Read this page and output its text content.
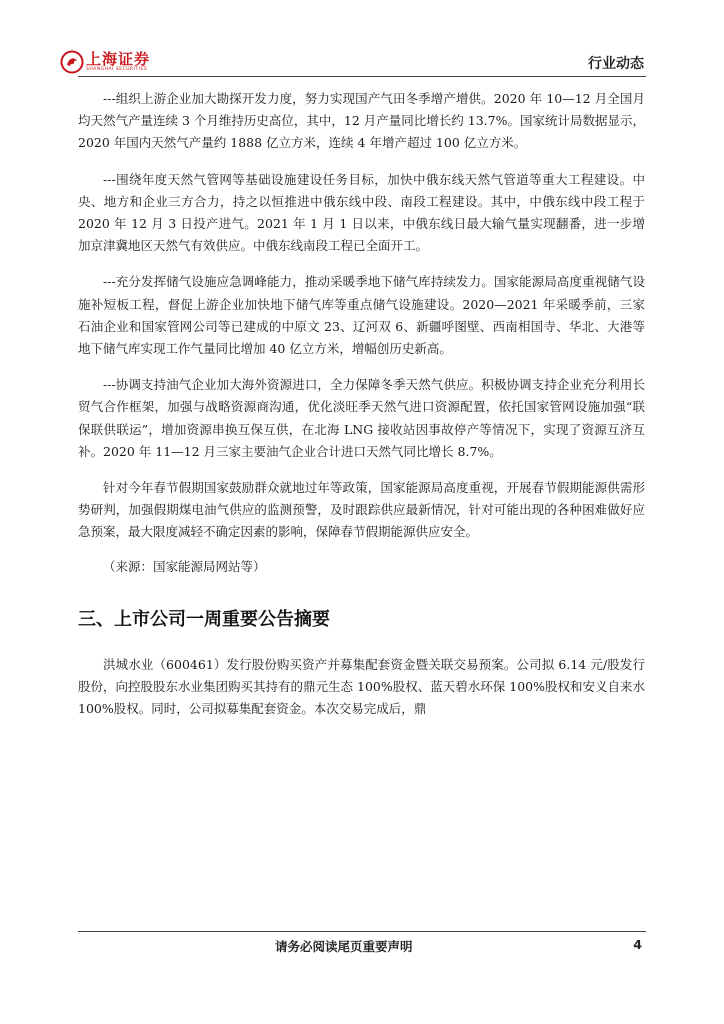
上海证券
SHANGHAI SECURITIES	行业动态

---组织上游企业加大勘探开发力度，努力实现国产气田冬季增产增供。2020 年 10—12 月全国月均天然气产量连续 3 个月维持历史高位，其中，12 月产量同比增长约 13.7%。国家统计局数据显示，2020 年国内天然气产量约 1888 亿立方米，连续 4 年增产超过 100 亿立方米。

---围绕年度天然气管网等基础设施建设任务目标，加快中俄东线天然气管道等重大工程建设。中央、地方和企业三方合力，持之以恒推进中俄东线中段、南段工程建设。其中，中俄东线中段工程于 2020 年 12 月 3 日投产进气。2021 年 1 月 1 日以来，中俄东线日最大输气量实现翻番，进一步增加京津冀地区天然气有效供应。中俄东线南段工程已全面开工。

---充分发挥储气设施应急调峰能力，推动采暖季地下储气库持续发力。国家能源局高度重视储气设施补短板工程，督促上游企业加快地下储气库等重点储气设施建设。2020—2021 年采暖季前，三家石油企业和国家管网公司等已建成的中原文 23、辽河双 6、新疆呼图壁、西南相国寺、华北、大港等地下储气库实现工作气量同比增加 40 亿立方米，增幅创历史新高。

---协调支持油气企业加大海外资源进口，全力保障冬季天然气供应。积极协调支持企业充分利用长贸气合作框架，加强与战略资源商沟通，优化淡旺季天然气进口资源配置，依托国家管网设施加强“联保联供联运”，增加资源串换互保互供，在北海 LNG 接收站因事故停产等情况下，实现了资源互济互补。2020 年 11—12 月三家主要油气企业合计进口天然气同比增长 8.7%。

针对今年春节假期国家鼓励群众就地过年等政策，国家能源局高度重视，开展春节假期能源供需形势研判，加强假期煤电油气供应的监测预警，及时跟踪供应最新情况，针对可能出现的各种困难做好应急预案，最大限度减轻不确定因素的影响，保障春节假期能源供应安全。

（来源：国家能源局网站等）

三、上市公司一周重要公告摘要

洪城水业（600461）发行股份购买资产并募集配套资金暨关联交易预案。公司拟 6.14 元/股发行股份，向控股股东水业集团购买其持有的鼎元生态 100%股权、蓝天碧水环保 100%股权和安义自来水 100%股权。同时，公司拟募集配套资金。本次交易完成后，鼎

请务必阅读尾页重要声明	4
